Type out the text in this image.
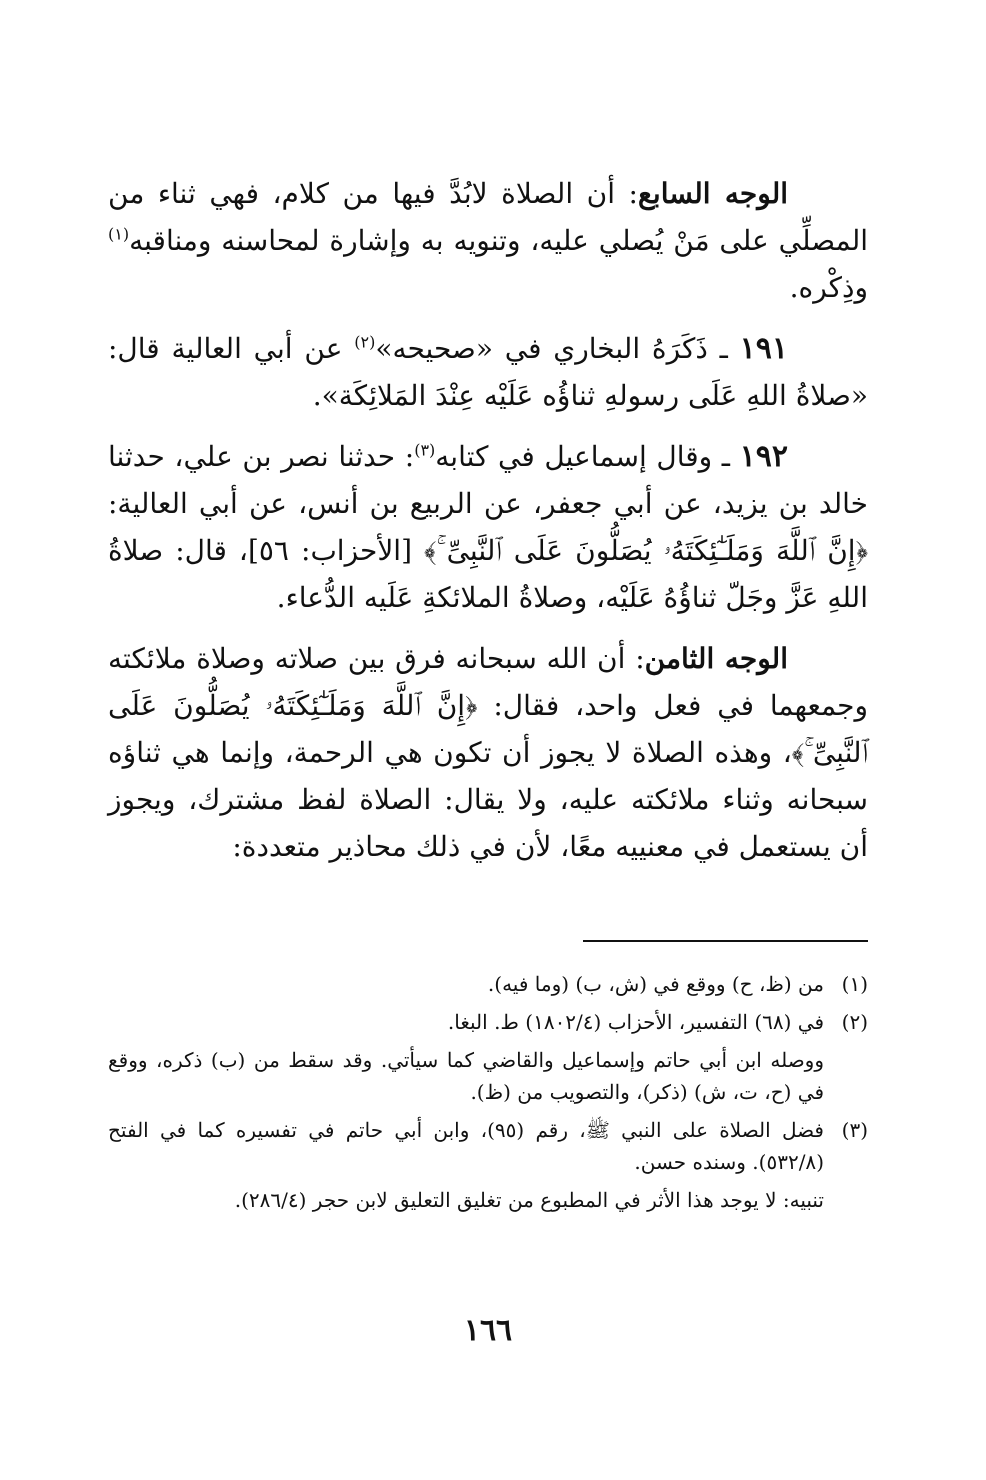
الوجه السابع: أن الصلاة لابُدَّ فيها من كلام، فهي ثناء من المصلِّي على مَنْ يُصلي عليه، وتنويه به وإشارة لمحاسنه ومناقبه$^{(١)}$ وذِكْره.

١٩١ ـ ذَكَرَهُ البخاري في «صحيحه»$^{(٢)}$ عن أبي العالية قال: «صلاةُ اللهِ عَلَى رسولهِ ثناؤُه عَلَيْه عِنْدَ المَلائِكَة».

١٩٢ ـ وقال إسماعيل في كتابه$^{(٣)}$: حدثنا نصر بن علي، حدثنا خالد بن يزيد، عن أبي جعفر، عن الربيع بن أنس، عن أبي العالية: ﴿إِنَّ ٱللَّهَ وَمَلَـٰٓئِكَتَهُۥ يُصَلُّونَ عَلَى ٱلنَّبِىِّ ۚ﴾ [الأحزاب: ٥٦]، قال: صلاةُ اللهِ عَزَّ وجَلّ ثناؤُهُ عَلَيْه، وصلاةُ الملائكةِ عَلَيه الدُّعاء.

الوجه الثامن: أن الله سبحانه فرق بين صلاته وصلاة ملائكته وجمعهما في فعل واحد، فقال: ﴿إِنَّ ٱللَّهَ وَمَلَـٰٓئِكَتَهُۥ يُصَلُّونَ عَلَى ٱلنَّبِىِّ ۚ﴾، وهذه الصلاة لا يجوز أن تكون هي الرحمة، وإنما هي ثناؤه سبحانه وثناء ملائكته عليه، ولا يقال: الصلاة لفظ مشترك، ويجوز أن يستعمل في معنييه معًا، لأن في ذلك محاذير متعددة:

(١)
من (ظ، ح) ووقع في (ش، ب) (وما فيه).
(٢)
في (٦٨) التفسير، الأحزاب (١٨٠٢/٤) ط. البغا.
ووصله ابن أبي حاتم وإسماعيل والقاضي كما سيأتي. وقد سقط من (ب) ذكره، ووقع في (ح، ت، ش) (ذكر)، والتصويب من (ظ).
(٣)
فضل الصلاة على النبي ﷺ، رقم (٩٥)، وابن أبي حاتم في تفسيره كما في الفتح (٥٣٢/٨). وسنده حسن.
تنبيه: لا يوجد هذا الأثر في المطبوع من تغليق التعليق لابن حجر (٢٨٦/٤).
١٦٦
